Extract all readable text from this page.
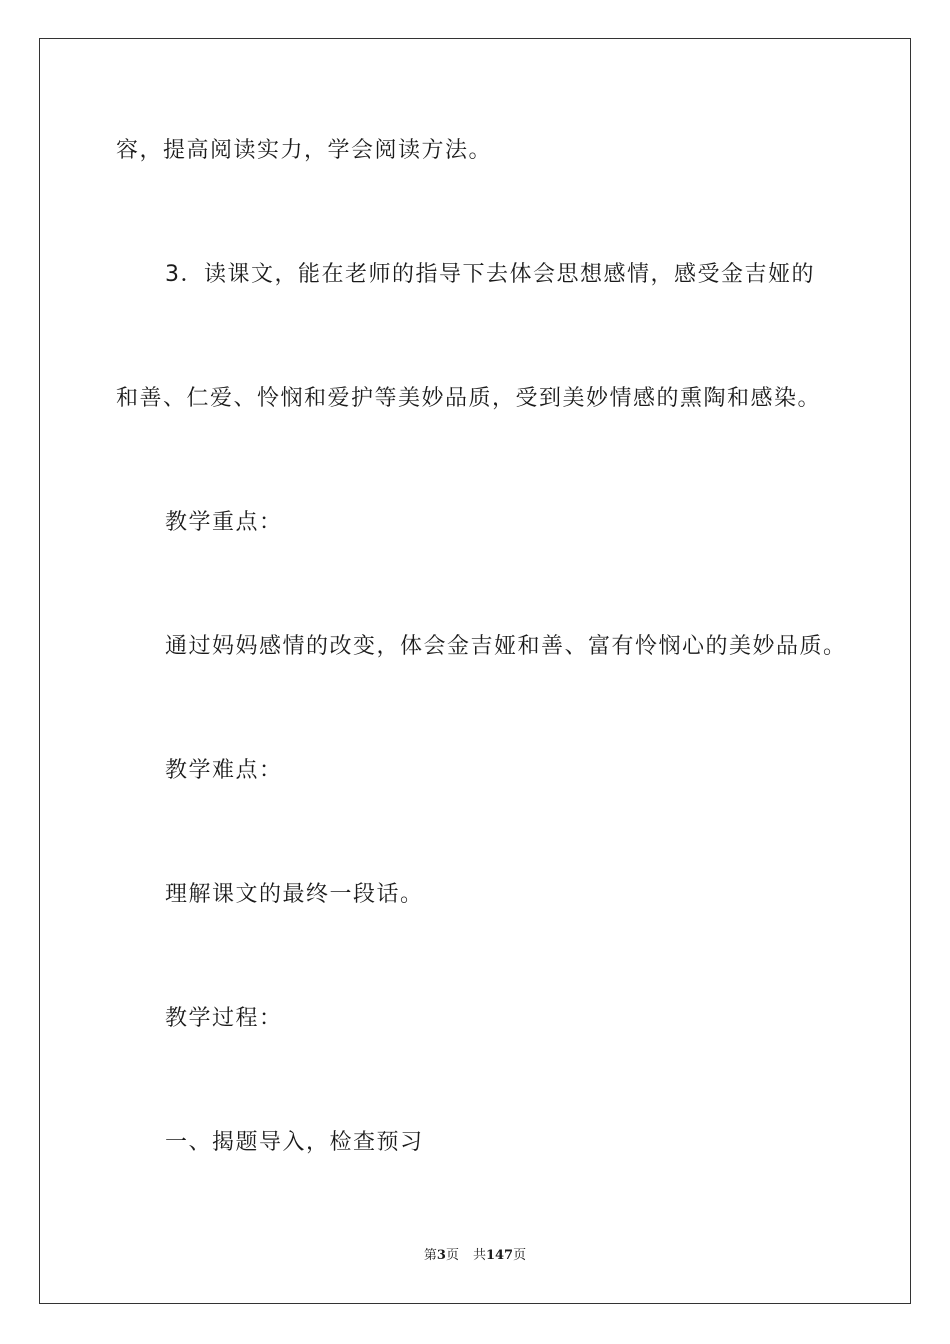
容，提高阅读实力，学会阅读方法。
3．读课文，能在老师的指导下去体会思想感情，感受金吉娅的
和善、仁爱、怜悯和爱护等美妙品质，受到美妙情感的熏陶和感染。
教学重点：
通过妈妈感情的改变，体会金吉娅和善、富有怜悯心的美妙品质。
教学难点：
理解课文的最终一段话。
教学过程：
一、揭题导入，检查预习
第3页 共147页
